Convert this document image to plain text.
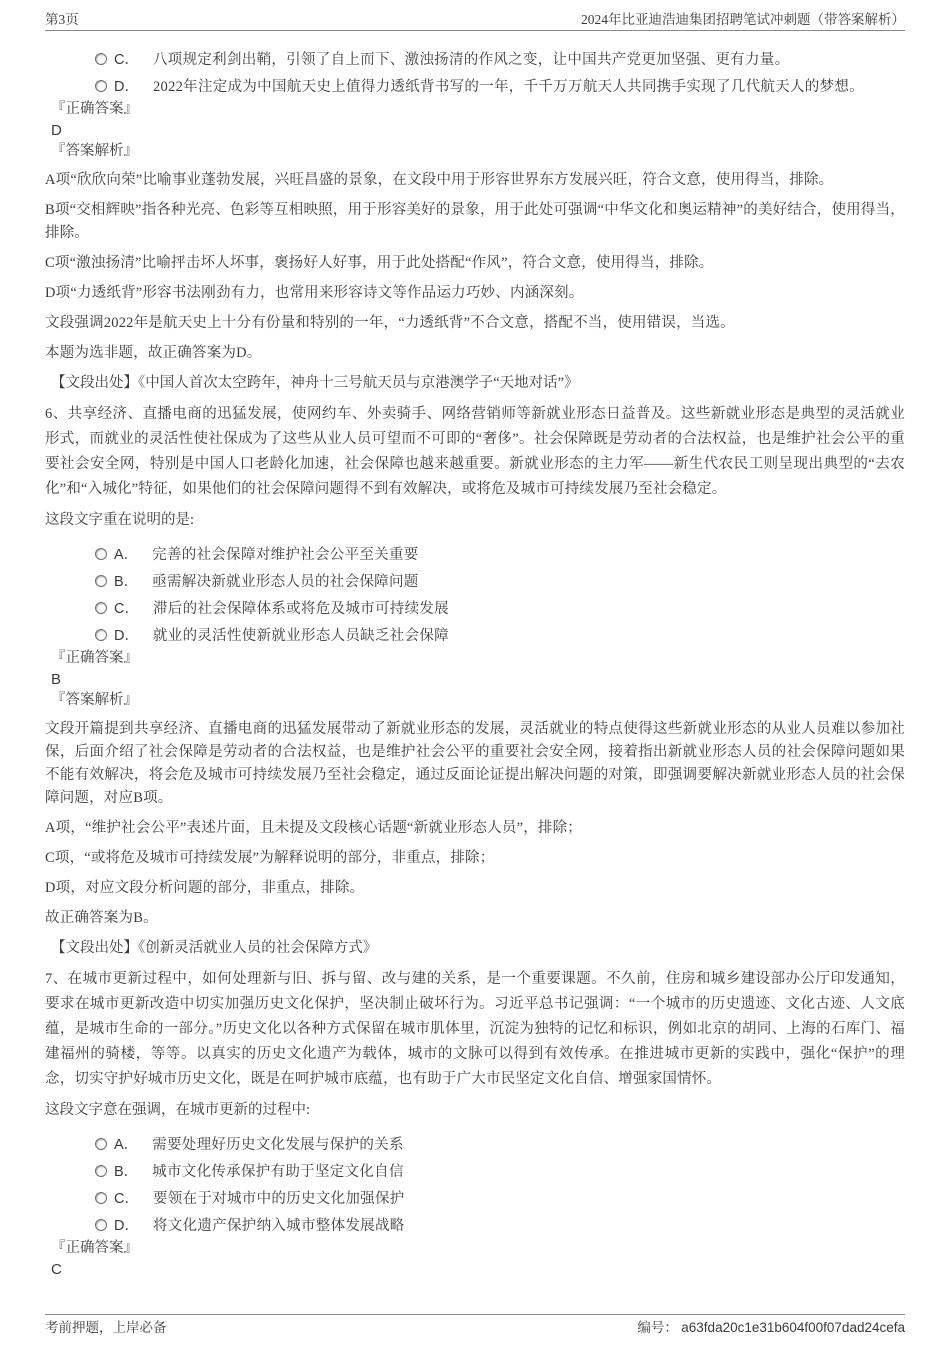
第3页	2024年比亚迪浩迪集团招聘笔试冲刺题（带答案解析）
C． 八项规定利剑出鞘，引领了自上而下、激浊扬清的作风之变，让中国共产党更加坚强、更有力量。
D． 2022年注定成为中国航天史上值得力透纸背书写的一年，千千万万航天人共同携手实现了几代航天人的梦想。
『正确答案』
D
『答案解析』

A项“欣欣向荣”比喻事业蓬勃发展，兴旺昌盛的景象，在文段中用于形容世界东方发展兴旺，符合文意，使用得当，排除。

B项“交相辉映”指各种光亮、色彩等互相映照，用于形容美好的景象，用于此处可强调“中华文化和奥运精神”的美好结合，使用得当，排除。

C项“激浊扬清”比喻抨击坏人坏事，褒扬好人好事，用于此处搭配“作风”，符合文意，使用得当，排除。

D项“力透纸背”形容书法刚劲有力，也常用来形容诗文等作品运力巧妙、内涵深刻。

文段强调2022年是航天史上十分有份量和特别的一年，“力透纸背”不合文意，搭配不当，使用错误，当选。

本题为选非题，故正确答案为D。

【文段出处】《中国人首次太空跨年，神舟十三号航天员与京港澳学子“天地对话”》

6、共享经济、直播电商的迅猛发展，使网约车、外卖骑手、网络营销师等新就业形态日益普及。这些新就业形态是典型的灵活就业形式，而就业的灵活性使社保成为了这些从业人员可望而不可即的“奢侈”。社会保障既是劳动者的合法权益，也是维护社会公平的重要社会安全网，特别是中国人口老龄化加速，社会保障也越来越重要。新就业形态的主力军——新生代农民工则呈现出典型的“去农化”和“入城化”特征，如果他们的社会保障问题得不到有效解决，或将危及城市可持续发展乃至社会稳定。

这段文字重在说明的是:

A． 完善的社会保障对维护社会公平至关重要
B． 亟需解决新就业形态人员的社会保障问题
C． 滞后的社会保障体系或将危及城市可持续发展
D． 就业的灵活性使新就业形态人员缺乏社会保障
『正确答案』
B
『答案解析』

文段开篇提到共享经济、直播电商的迅猛发展带动了新就业形态的发展，灵活就业的特点使得这些新就业形态的从业人员难以参加社保，后面介绍了社会保障是劳动者的合法权益，也是维护社会公平的重要社会安全网，接着指出新就业形态人员的社会保障问题如果不能有效解决，将会危及城市可持续发展乃至社会稳定，通过反面论证提出解决问题的对策，即强调要解决新就业形态人员的社会保障问题，对应B项。

A项，“维护社会公平”表述片面，且未提及文段核心话题“新就业形态人员”，排除；

C项，“或将危及城市可持续发展”为解释说明的部分，非重点，排除；

D项，对应文段分析问题的部分，非重点，排除。

故正确答案为B。

【文段出处】《创新灵活就业人员的社会保障方式》

7、在城市更新过程中，如何处理新与旧、拆与留、改与建的关系，是一个重要课题。不久前，住房和城乡建设部办公厅印发通知，要求在城市更新改造中切实加强历史文化保护，坚决制止破坏行为。习近平总书记强调：“一个城市的历史遗迹、文化古迹、人文底蕴，是城市生命的一部分。”历史文化以各种方式保留在城市肌体里，沉淀为独特的记忆和标识，例如北京的胡同、上海的石库门、福建福州的骑楼，等等。以真实的历史文化遗产为载体，城市的文脉可以得到有效传承。在推进城市更新的实践中，强化“保护”的理念，切实守护好城市历史文化，既是在呵护城市底蕴，也有助于广大市民坚定文化自信、增强家国情怀。

这段文字意在强调，在城市更新的过程中:

A． 需要处理好历史文化发展与保护的关系
B． 城市文化传承保护有助于坚定文化自信
C． 要领在于对城市中的历史文化加强保护
D． 将文化遗产保护纳入城市整体发展战略
『正确答案』
C
考前押题，上岸必备	编号： a63fda20c1e31b604f00f07dad24cefa
